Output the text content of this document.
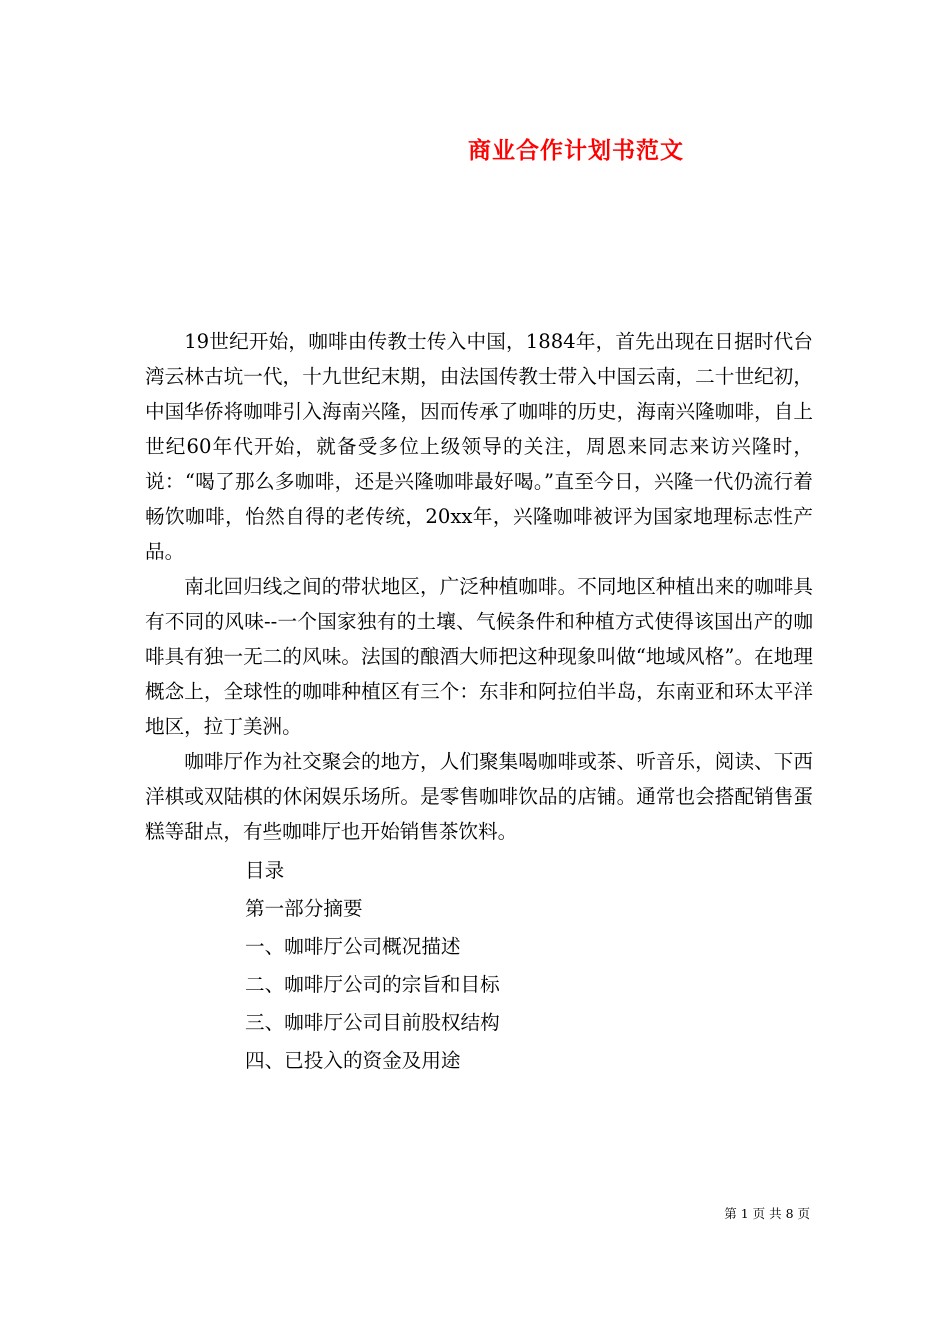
商业合作计划书范文

19世纪开始，咖啡由传教士传入中国，1884年，首先出现在日据时代台湾云林古坑一代，十九世纪末期，由法国传教士带入中国云南，二十世纪初，中国华侨将咖啡引入海南兴隆，因而传承了咖啡的历史，海南兴隆咖啡，自上世纪60年代开始，就备受多位上级领导的关注，周恩来同志来访兴隆时，说：“喝了那么多咖啡，还是兴隆咖啡最好喝。”直至今日，兴隆一代仍流行着畅饮咖啡，怡然自得的老传统，20xx年，兴隆咖啡被评为国家地理标志性产品。

南北回归线之间的带状地区，广泛种植咖啡。不同地区种植出来的咖啡具有不同的风味--一个国家独有的土壤、气候条件和种植方式使得该国出产的咖啡具有独一无二的风味。法国的酿酒大师把这种现象叫做“地域风格”。在地理概念上，全球性的咖啡种植区有三个：东非和阿拉伯半岛，东南亚和环太平洋地区，拉丁美洲。

咖啡厅作为社交聚会的地方，人们聚集喝咖啡或茶、听音乐，阅读、下西洋棋或双陆棋的休闲娱乐场所。是零售咖啡饮品的店铺。通常也会搭配销售蛋糕等甜点，有些咖啡厅也开始销售茶饮料。

目录

第一部分摘要

一、咖啡厅公司概况描述

二、咖啡厅公司的宗旨和目标

三、咖啡厅公司目前股权结构

四、已投入的资金及用途

第 1 页 共 8 页
